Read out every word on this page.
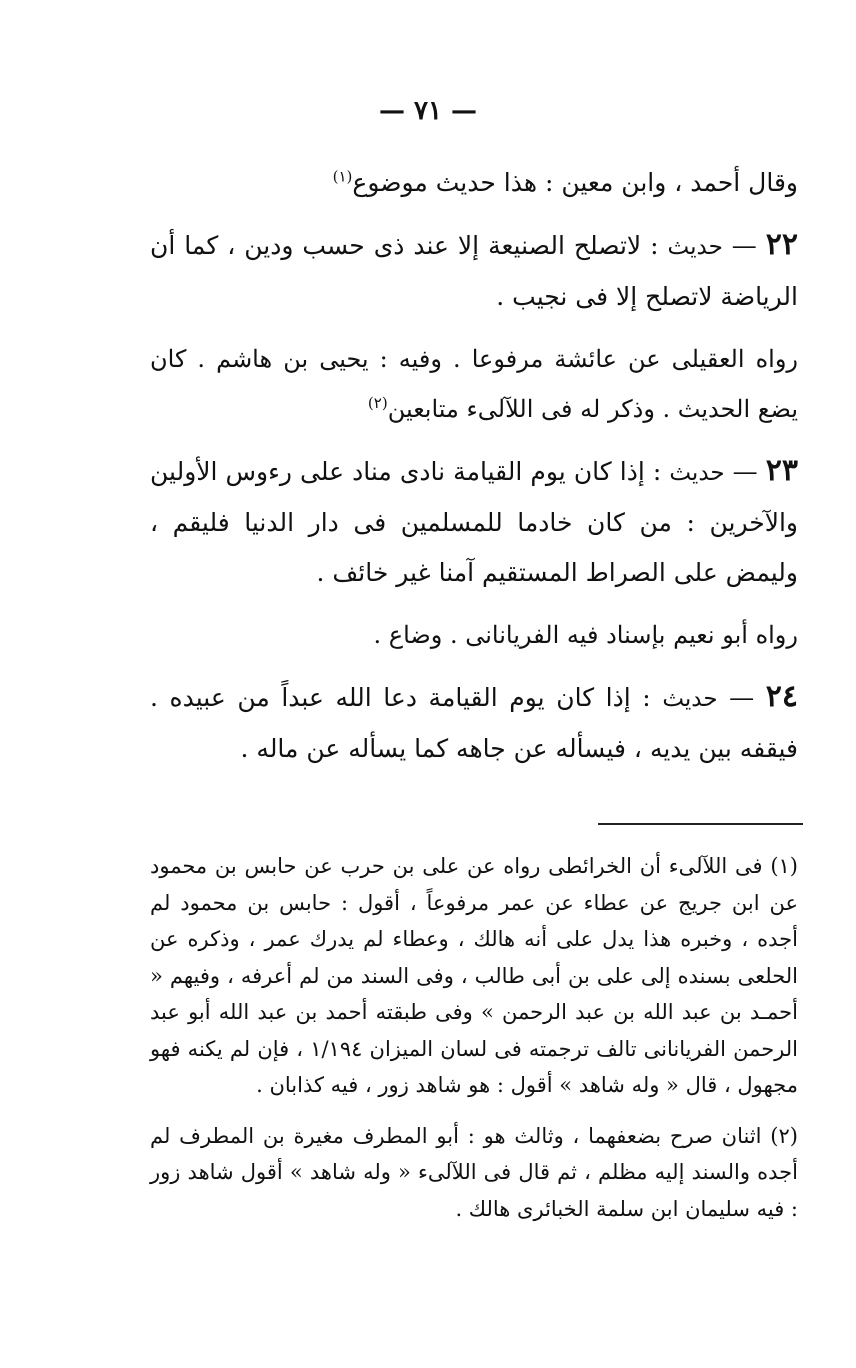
— ٧١ —

وقال أحمد ، وابن معين : هذا حديث موضوع$^{(١)}$

٢٢ — حديث : لاتصلح الصنيعة إلا عند ذى حسب ودين ، كما أن الرياضة لاتصلح إلا فى نجيب .

رواه العقيلى عن عائشة مرفوعا . وفيه : يحيى بن هاشم . كان يضع الحديث . وذكر له فى اللآلىء متابعين$^{(٢)}$

٢٣ — حديث : إذا كان يوم القيامة نادى مناد على رءوس الأولين والآخرين : من كان خادما للمسلمين فى دار الدنيا فليقم ، وليمض على الصراط المستقيم آمنا غير خائف .

رواه أبو نعيم بإسناد فيه الفريانانى . وضاع .

٢٤ — حديث : إذا كان يوم القيامة دعا الله عبداً من عبيده . فيقفه بين يديه ، فيسأله عن جاهه كما يسأله عن ماله .

(١) فى اللآلىء أن الخرائطى رواه عن على بن حرب عن حابس بن محمود عن ابن جريج عن عطاء عن عمر مرفوعاً ، أقول : حابس بن محمود لم أجده ، وخبره هذا يدل على أنه هالك ، وعطاء لم يدرك عمر ، وذكره عن الحلعى بسنده إلى على بن أبى طالب ، وفى السند من لم أعرفه ، وفيهم « أحمـد بن عبد الله بن عبد الرحمن » وفى طبقته أحمد بن عبد الله أبو عبد الرحمن الفريانانى تالف ترجمته فى لسان الميزان ١/١٩٤ ، فإن لم يكنه فهو مجهول ، قال « وله شاهد » أقول : هو شاهد زور ، فيه كذابان .

(٢) اثنان صرح بضعفهما ، وثالث هو : أبو المطرف مغيرة بن المطرف لم أجده والسند إليه مظلم ، ثم قال فى اللآلىء « وله شاهد » أقول شاهد زور : فيه سليمان ابن سلمة الخبائرى هالك .
